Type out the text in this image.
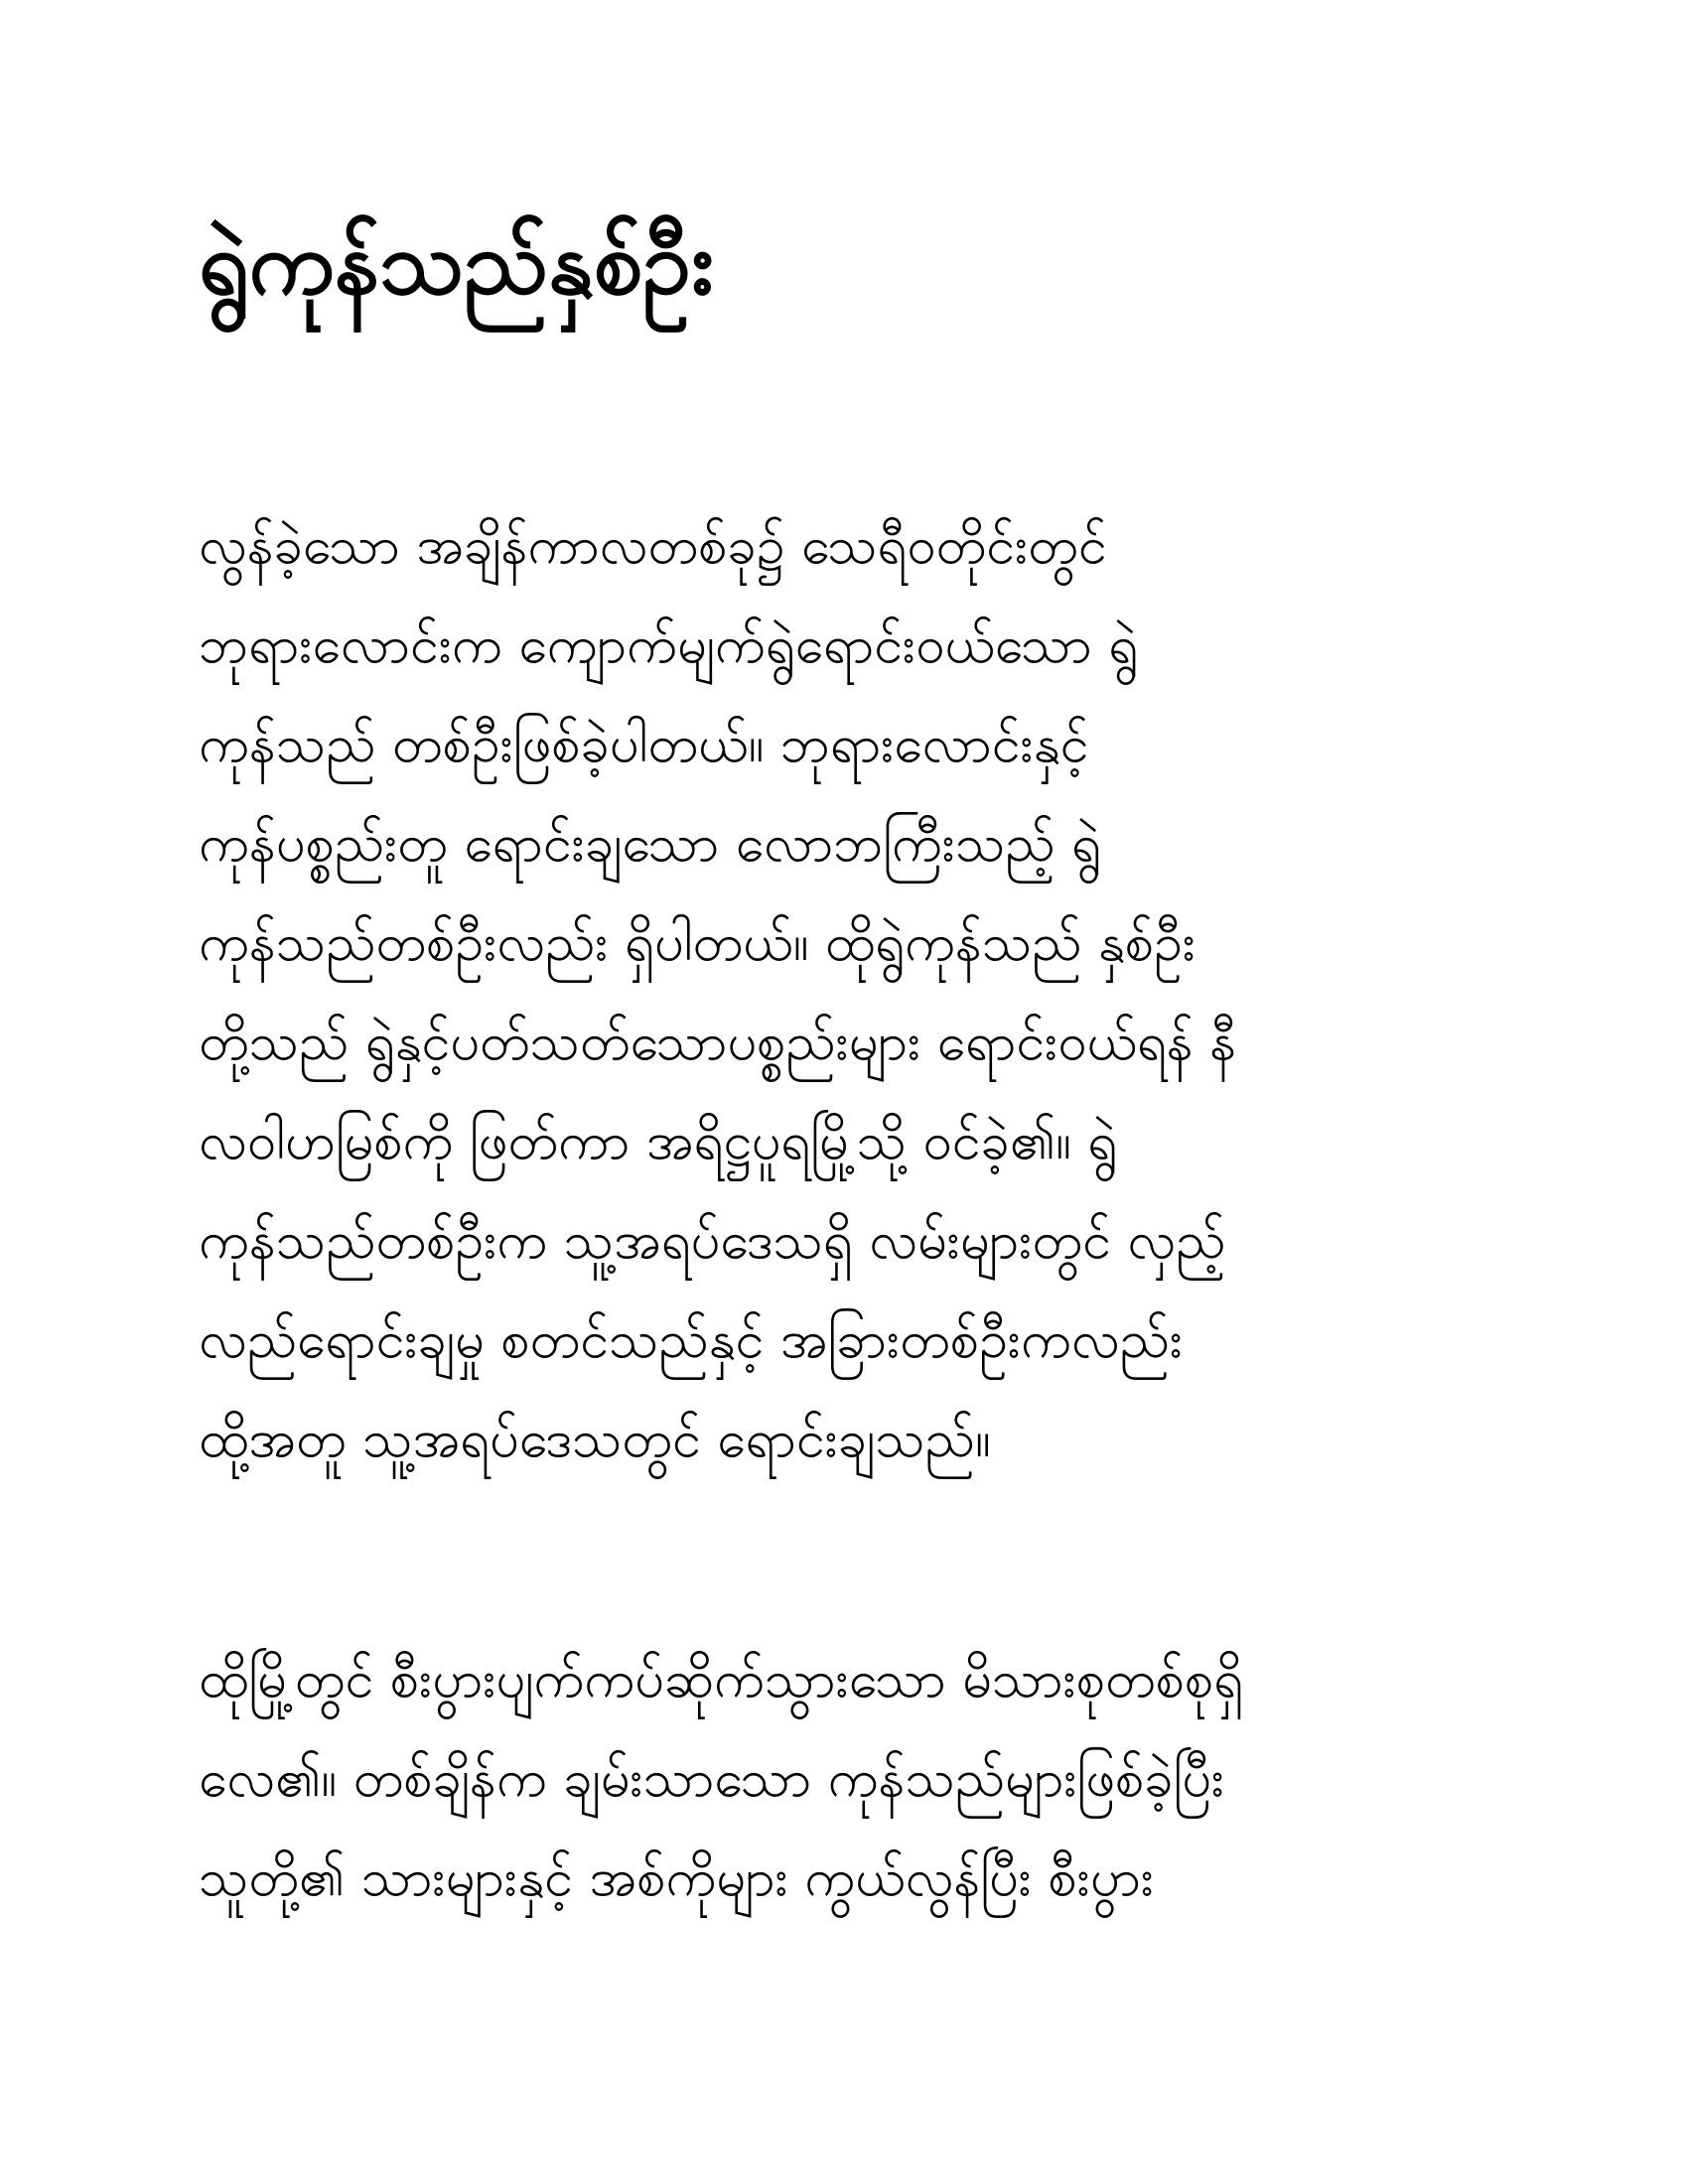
ရွဲကုန်သည်နှစ်ဦး
လွန်ခဲ့သော အချိန်ကာလတစ်ခု၌ သေရီဝတိုင်းတွင်
ဘုရားလောင်းက ကျောက်မျက်ရွဲရောင်းဝယ်သော ရွဲ
ကုန်သည် တစ်ဦးဖြစ်ခဲ့ပါတယ်။ ဘုရားလောင်းနှင့်
ကုန်ပစ္စည်းတူ ရောင်းချသော လောဘကြီးသည့် ရွဲ
ကုန်သည်တစ်ဦးလည်း ရှိပါတယ်။ ထိုရွဲကုန်သည် နှစ်ဦး
တို့သည် ရွဲနှင့်ပတ်သတ်သောပစ္စည်းများ ရောင်းဝယ်ရန် နီ
လဝါဟမြစ်ကို ဖြတ်ကာ အရိဋ္ဌပူရမြို့သို့ ဝင်ခဲ့၏။ ရွဲ
ကုန်သည်တစ်ဦးက သူ့အရပ်ဒေသရှိ လမ်းများတွင် လှည့်
လည်ရောင်းချမှု စတင်သည်နှင့် အခြားတစ်ဦးကလည်း
ထို့အတူ သူ့အရပ်ဒေသတွင် ရောင်းချသည်။
ထိုမြို့တွင် စီးပွားပျက်ကပ်ဆိုက်သွားသော မိသားစုတစ်စုရှိ
လေ၏။ တစ်ချိန်က ချမ်းသာသော ကုန်သည်များဖြစ်ခဲ့ပြီး
သူတို့၏ သားများနှင့် အစ်ကိုများ ကွယ်လွန်ပြီး စီးပွား
